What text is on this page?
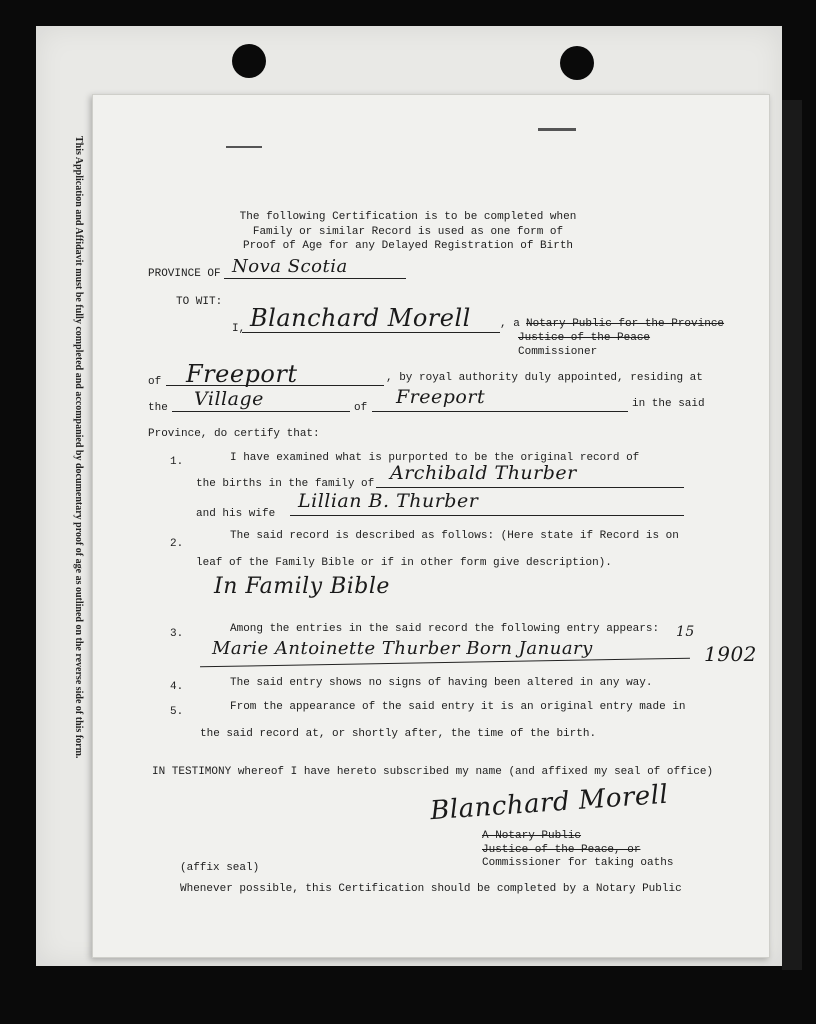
This Application and Affidavit must be fully completed and accompanied by documentary proof of age as outlined on the reverse side of this form.	The following Certification is to be completed when
Family or similar Record is used as one form of
Proof of Age for any Delayed Registration of Birth
PROVINCE OF Nova Scotia
TO WIT:
I, Blanchard Morell	, a Notary Public for the Province
Justice of the Peace
Commissioner
of Freeport	, by royal authority duly appointed, residing at
the Village	of Freeport	in the said
Province, do certify that:
1.	I have examined what is purported to be the original record of
the births in the family of Archibald Thurber
and his wife
Lillian B. Thurber
2.
The said record is described as follows: (Here state if Record is on
leaf of the Family Bible or if in other form give description).
In Family Bible
3.	Among the entries in the said record the following entry appears:
Marie Antoinette Thurber Born January
15
1902
4.	The said entry shows no signs of having been altered in any way.
5.	From the appearance of the said entry it is an original entry made in
the said record at, or shortly after, the time of the birth.
IN TESTIMONY whereof I have hereto subscribed my name (and affixed my seal of office)
Blanchard Morell
A Notary Public
Justice of the Peace, or
Commissioner for taking oaths
(affix seal)
Whenever possible, this Certification should be completed by a Notary Public
